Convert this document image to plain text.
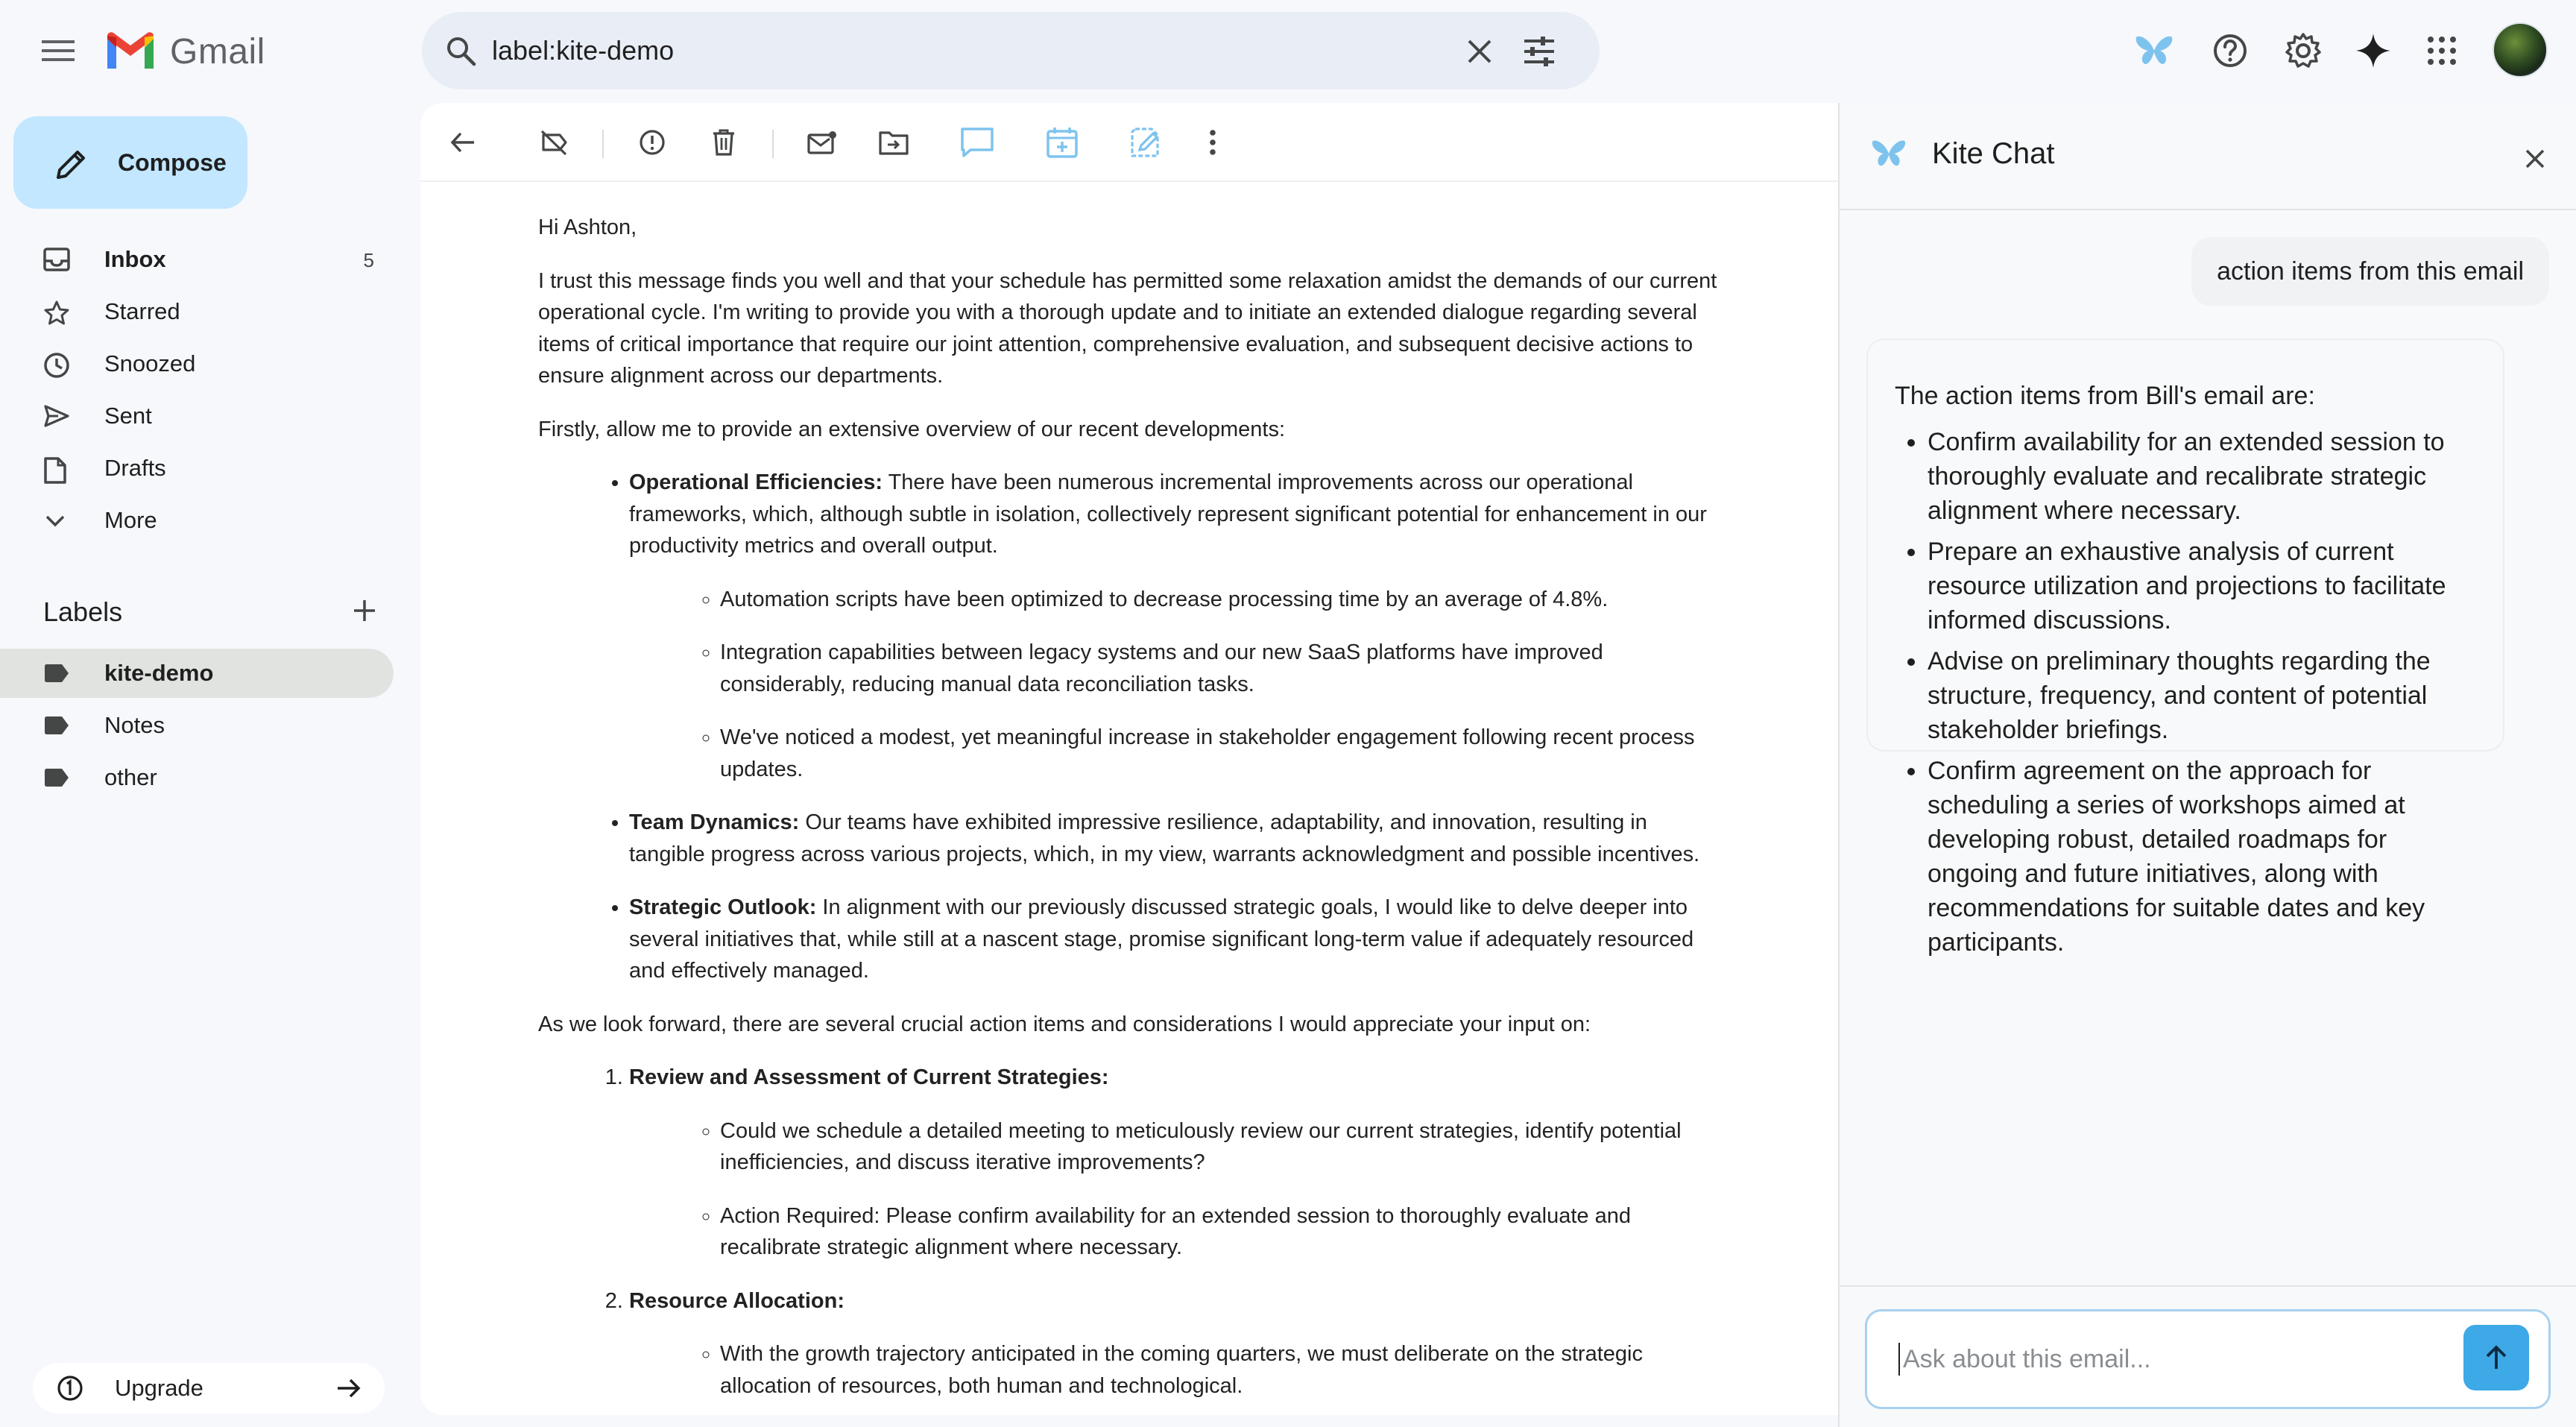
Gmail
label:kite-demo
Compose
Inbox	5
Starred
Snoozed
Sent
Drafts
More
Labels
kite-demo
Notes
other
Upgrade

Hi Ashton,

I trust this message finds you well and that your schedule has permitted some relaxation amidst the demands of our current operational cycle. I'm writing to provide you with a thorough update and to initiate an extended dialogue regarding several items of critical importance that require our joint attention, comprehensive evaluation, and subsequent decisive actions to ensure alignment across our departments.

Firstly, allow me to provide an extensive overview of our recent developments:

• Operational Efficiencies: There have been numerous incremental improvements across our operational frameworks, which, although subtle in isolation, collectively represent significant potential for enhancement in our productivity metrics and overall output.
◦ Automation scripts have been optimized to decrease processing time by an average of 4.8%.
◦ Integration capabilities between legacy systems and our new SaaS platforms have improved considerably, reducing manual data reconciliation tasks.
◦ We've noticed a modest, yet meaningful increase in stakeholder engagement following recent process updates.
• Team Dynamics: Our teams have exhibited impressive resilience, adaptability, and innovation, resulting in tangible progress across various projects, which, in my view, warrants acknowledgment and possible incentives.
• Strategic Outlook: In alignment with our previously discussed strategic goals, I would like to delve deeper into several initiatives that, while still at a nascent stage, promise significant long-term value if adequately resourced and effectively managed.

As we look forward, there are several crucial action items and considerations I would appreciate your input on:

1. Review and Assessment of Current Strategies:
◦ Could we schedule a detailed meeting to meticulously review our current strategies, identify potential inefficiencies, and discuss iterative improvements?
◦ Action Required: Please confirm availability for an extended session to thoroughly evaluate and recalibrate strategic alignment where necessary.
2. Resource Allocation:
◦ With the growth trajectory anticipated in the coming quarters, we must deliberate on the strategic allocation of resources, both human and technological.
Kite Chat
action items from this email
The action items from Bill's email are:
• Confirm availability for an extended session to thoroughly evaluate and recalibrate strategic alignment where necessary.
• Prepare an exhaustive analysis of current resource utilization and projections to facilitate informed discussions.
• Advise on preliminary thoughts regarding the structure, frequency, and content of potential stakeholder briefings.
• Confirm agreement on the approach for scheduling a series of workshops aimed at developing robust, detailed roadmaps for ongoing and future initiatives, along with recommendations for suitable dates and key participants.
Ask about this email...
